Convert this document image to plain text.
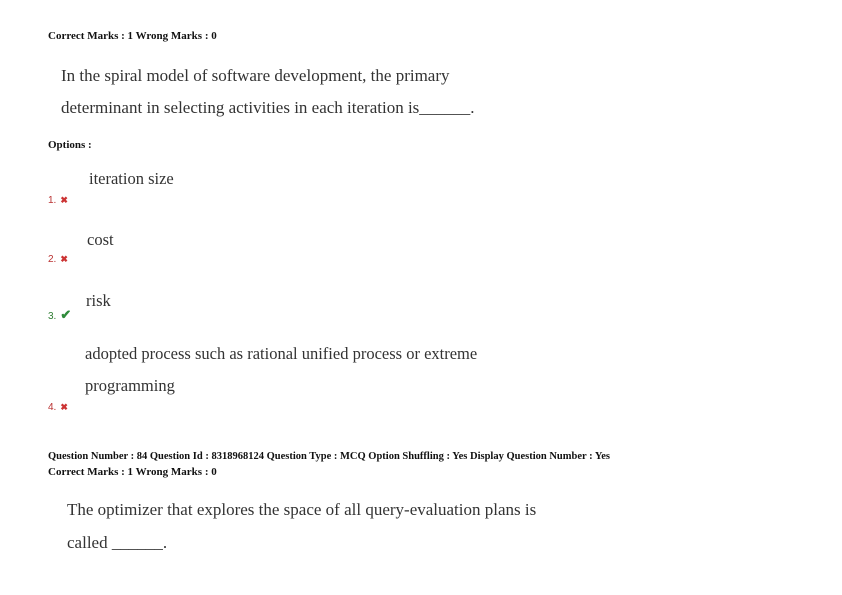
Correct Marks : 1 Wrong Marks : 0
In the spiral model of software development, the primary
determinant in selecting activities in each iteration is______.
Options :
iteration size
1. ✖
cost
2. ✖
risk
3. ✔
adopted process such as rational unified process or extreme
programming
4. ✖
Question Number : 84 Question Id : 8318968124 Question Type : MCQ Option Shuffling : Yes Display Question Number : Yes
Correct Marks : 1 Wrong Marks : 0
The optimizer that explores the space of all query-evaluation plans is
called ______.
